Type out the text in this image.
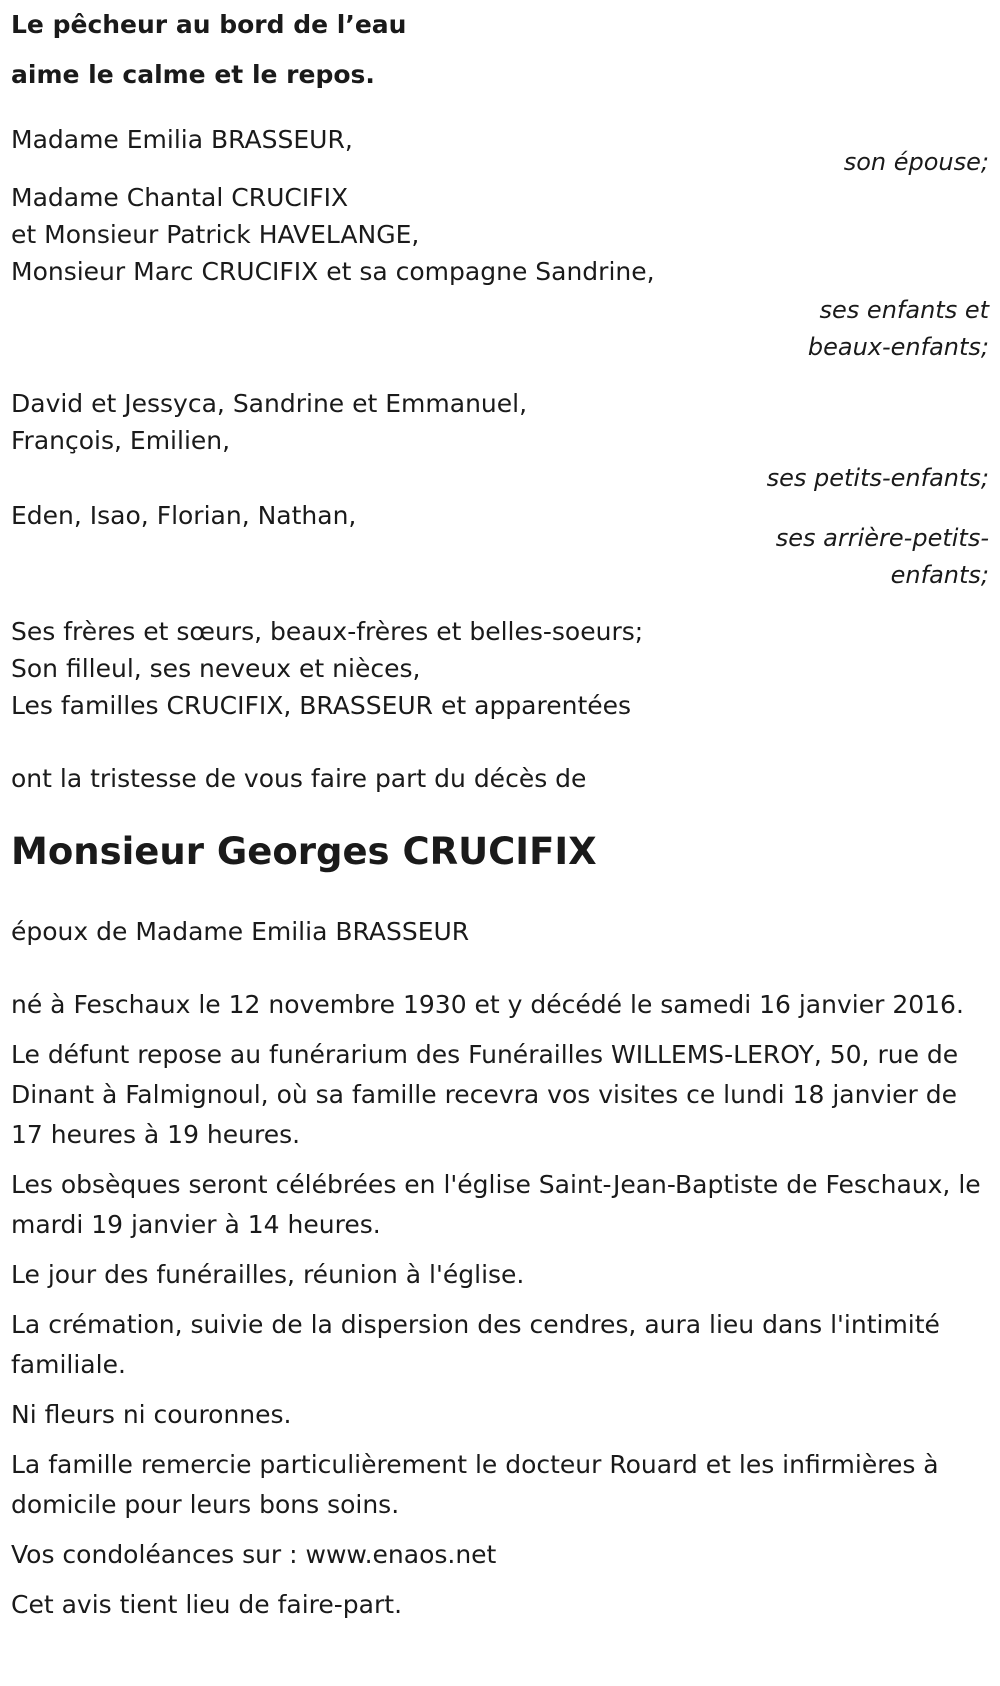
Le pêcheur au bord de l’eau
aime le calme et le repos.
Madame Emilia BRASSEUR,
son épouse;
Madame Chantal CRUCIFIX
et Monsieur Patrick HAVELANGE,
Monsieur Marc CRUCIFIX et sa compagne Sandrine,
ses enfants et
beaux-enfants;
David et Jessyca, Sandrine et Emmanuel,
François, Emilien,
ses petits-enfants;
Eden, Isao, Florian, Nathan,
ses arrière-petits-
enfants;
Ses frères et sœurs, beaux-frères et belles-soeurs;
Son filleul, ses neveux et nièces,
Les familles CRUCIFIX, BRASSEUR et apparentées
ont la tristesse de vous faire part du décès de
Monsieur Georges CRUCIFIX
époux de Madame Emilia BRASSEUR
né à Feschaux le 12 novembre 1930 et y décédé le samedi 16 janvier 2016.
Le défunt repose au funérarium des Funérailles WILLEMS-LEROY, 50, rue de Dinant à Falmignoul, où sa famille recevra vos visites ce lundi 18 janvier de 17 heures à 19 heures.
Les obsèques seront célébrées en l'église Saint-Jean-Baptiste de Feschaux, le mardi 19 janvier à 14 heures.
Le jour des funérailles, réunion à l'église.
La crémation, suivie de la dispersion des cendres, aura lieu dans l'intimité familiale.
Ni fleurs ni couronnes.
La famille remercie particulièrement le docteur Rouard et les infirmières à domicile pour leurs bons soins.
Vos condoléances sur : www.enaos.net
Cet avis tient lieu de faire-part.
